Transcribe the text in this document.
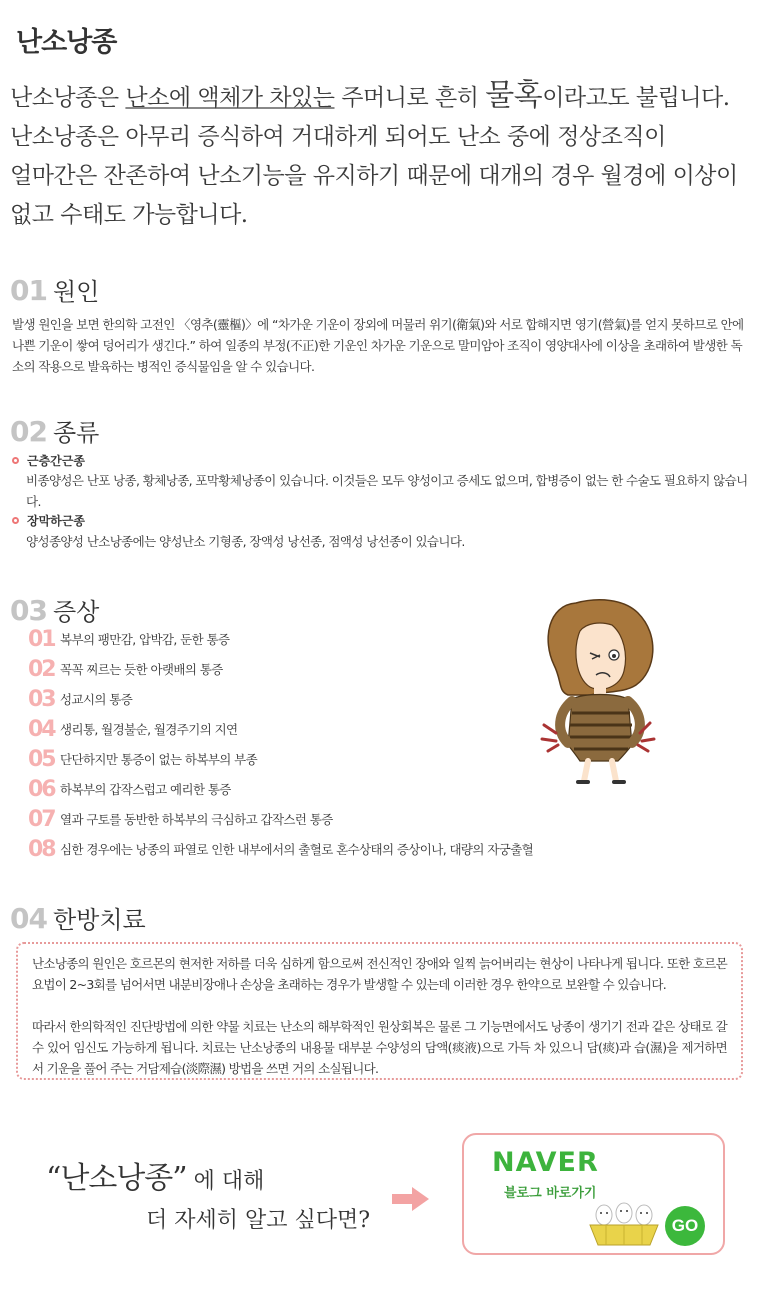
난소낭종
난소낭종은 난소에 액체가 차있는 주머니로 흔히 물혹이라고도 불립니다.
난소낭종은 아무리 증식하여 거대하게 되어도 난소 중에 정상조직이
얼마간은 잔존하여 난소기능을 유지하기 때문에 대개의 경우 월경에 이상이
없고 수태도 가능합니다.
01 원인
발생 원인을 보면 한의학 고전인 〈영추(靈樞)〉에 “차가운 기운이 장외에 머물러 위기(衛氣)와 서로 합해지면 영기(營氣)를 얻지 못하므로 안에 나쁜 기운이 쌓여 덩어리가 생긴다.” 하여 일종의 부정(不正)한 기운인 차가운 기운으로 말미암아 조직이 영양대사에 이상을 초래하여 발생한 독소의 작용으로 발육하는 병적인 증식물임을 알 수 있습니다.
02 종류
근층간근종
비종양성은 난포 낭종, 황체낭종, 포막황체낭종이 있습니다. 이것들은 모두 양성이고 증세도 없으며, 합병증이 없는 한 수술도 필요하지 않습니다.
장막하근종
양성종양성 난소낭종에는 양성난소 기형종, 장액성 낭선종, 점액성 낭선종이 있습니다.
03 증상
01 복부의 팽만감, 압박감, 둔한 통증
02 꼭꼭 찌르는 듯한 아랫배의 통증
03 성교시의 통증
04 생리통, 월경불순, 월경주기의 지연
05 단단하지만 통증이 없는 하복부의 부종
06 하복부의 갑작스럽고 예리한 통증
07 열과 구토를 동반한 하복부의 극심하고 갑작스런 통증
08 심한 경우에는 낭종의 파열로 인한 내부에서의 출혈로 혼수상태의 증상이나, 대량의 자궁출혈
04 한방치료

난소낭종의 원인은 호르몬의 현저한 저하를 더욱 심하게 함으로써 전신적인 장애와 일찍 늙어버리는 현상이 나타나게 됩니다. 또한 호르몬요법이 2~3회를 넘어서면 내분비장애나 손상을 초래하는 경우가 발생할 수 있는데 이러한 경우 한약으로 보완할 수 있습니다.

따라서 한의학적인 진단방법에 의한 약물 치료는 난소의 해부학적인 원상회복은 물론 그 기능면에서도 낭종이 생기기 전과 같은 상태로 갈 수 있어 임신도 가능하게 됩니다. 치료는 난소낭종의 내용물 대부분 수양성의 담액(痰液)으로 가득 차 있으니 담(痰)과 습(濕)을 제거하면서 기운을 풀어 주는 거담제습(淡際濕) 방법을 쓰면 거의 소실됩니다.

“난소낭종” 에 대해
더 자세히 알고 싶다면?
NAVER
블로그 바로가기
GO
